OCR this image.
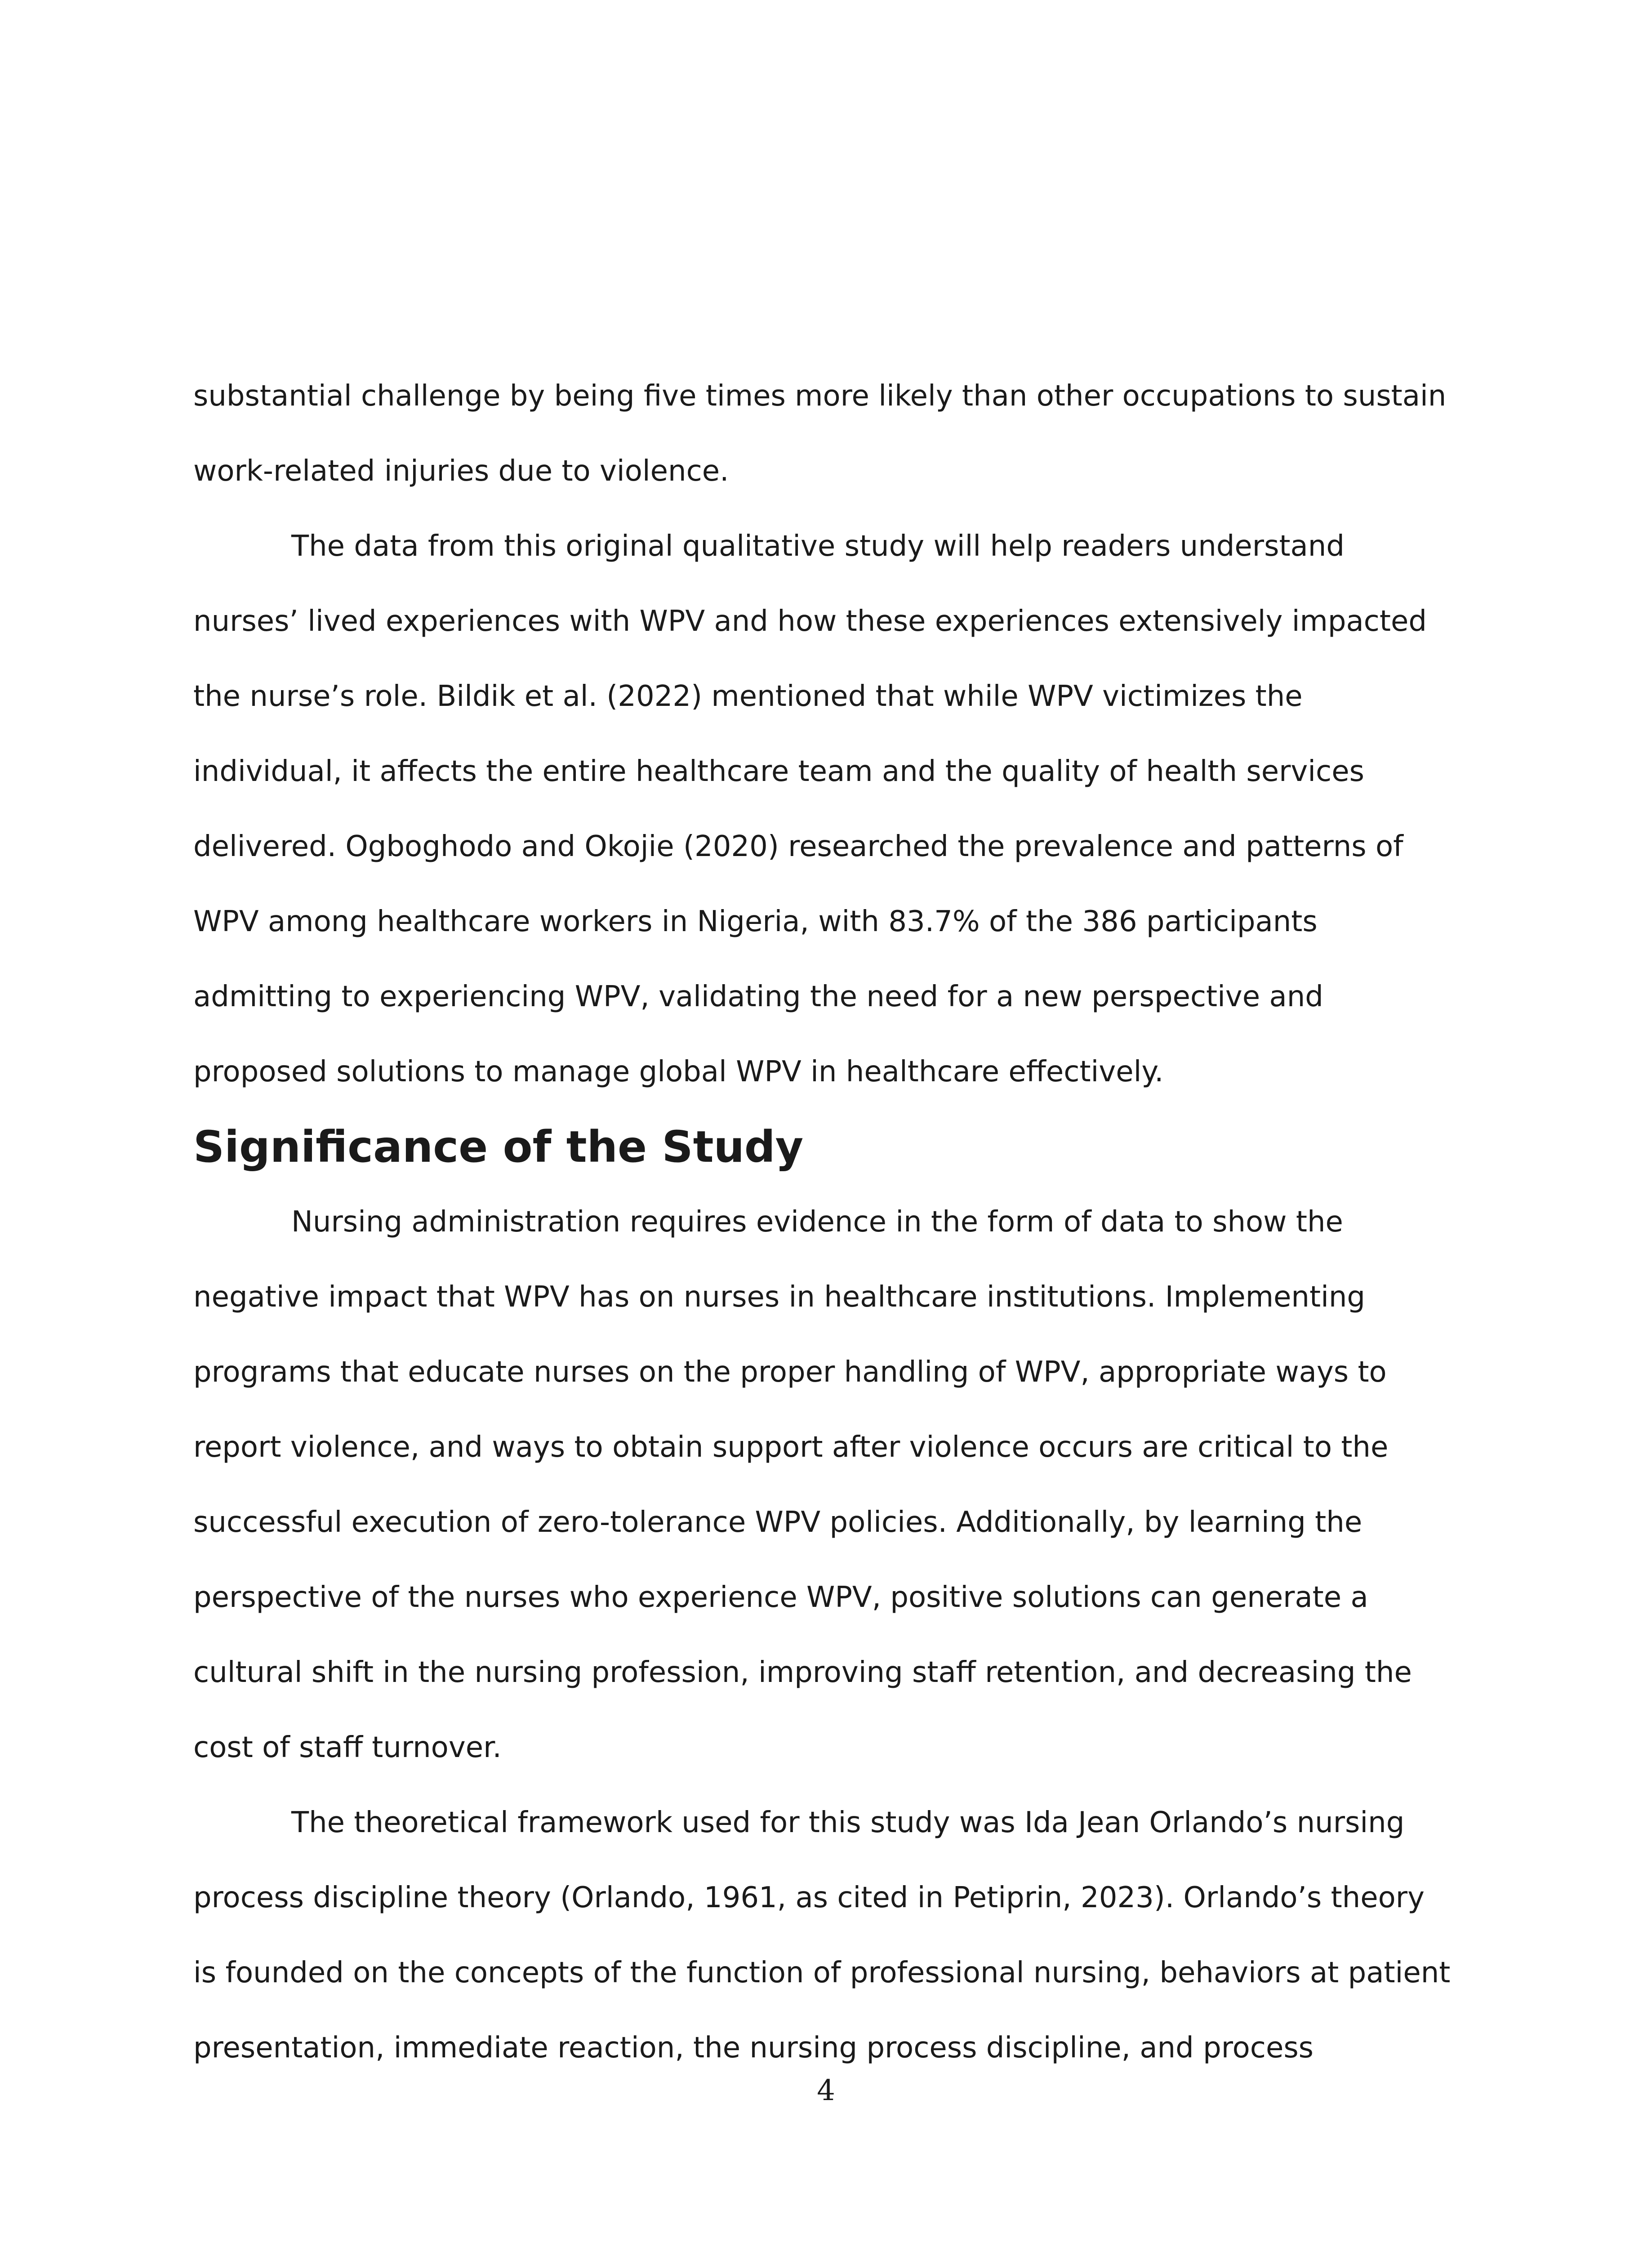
substantial challenge by being five times more likely than other occupations to sustain work-related injuries due to violence.

The data from this original qualitative study will help readers understand nurses’ lived experiences with WPV and how these experiences extensively impacted the nurse’s role. Bildik et al. (2022) mentioned that while WPV victimizes the individual, it affects the entire healthcare team and the quality of health services delivered. Ogboghodo and Okojie (2020) researched the prevalence and patterns of WPV among healthcare workers in Nigeria, with 83.7% of the 386 participants admitting to experiencing WPV, validating the need for a new perspective and proposed solutions to manage global WPV in healthcare effectively.

Significance of the Study

Nursing administration requires evidence in the form of data to show the negative impact that WPV has on nurses in healthcare institutions. Implementing programs that educate nurses on the proper handling of WPV, appropriate ways to report violence, and ways to obtain support after violence occurs are critical to the successful execution of zero-tolerance WPV policies. Additionally, by learning the perspective of the nurses who experience WPV, positive solutions can generate a cultural shift in the nursing profession, improving staff retention, and decreasing the cost of staff turnover.

The theoretical framework used for this study was Ida Jean Orlando’s nursing process discipline theory (Orlando, 1961, as cited in Petiprin, 2023). Orlando’s theory is founded on the concepts of the function of professional nursing, behaviors at patient presentation, immediate reaction, the nursing process discipline, and process

4
